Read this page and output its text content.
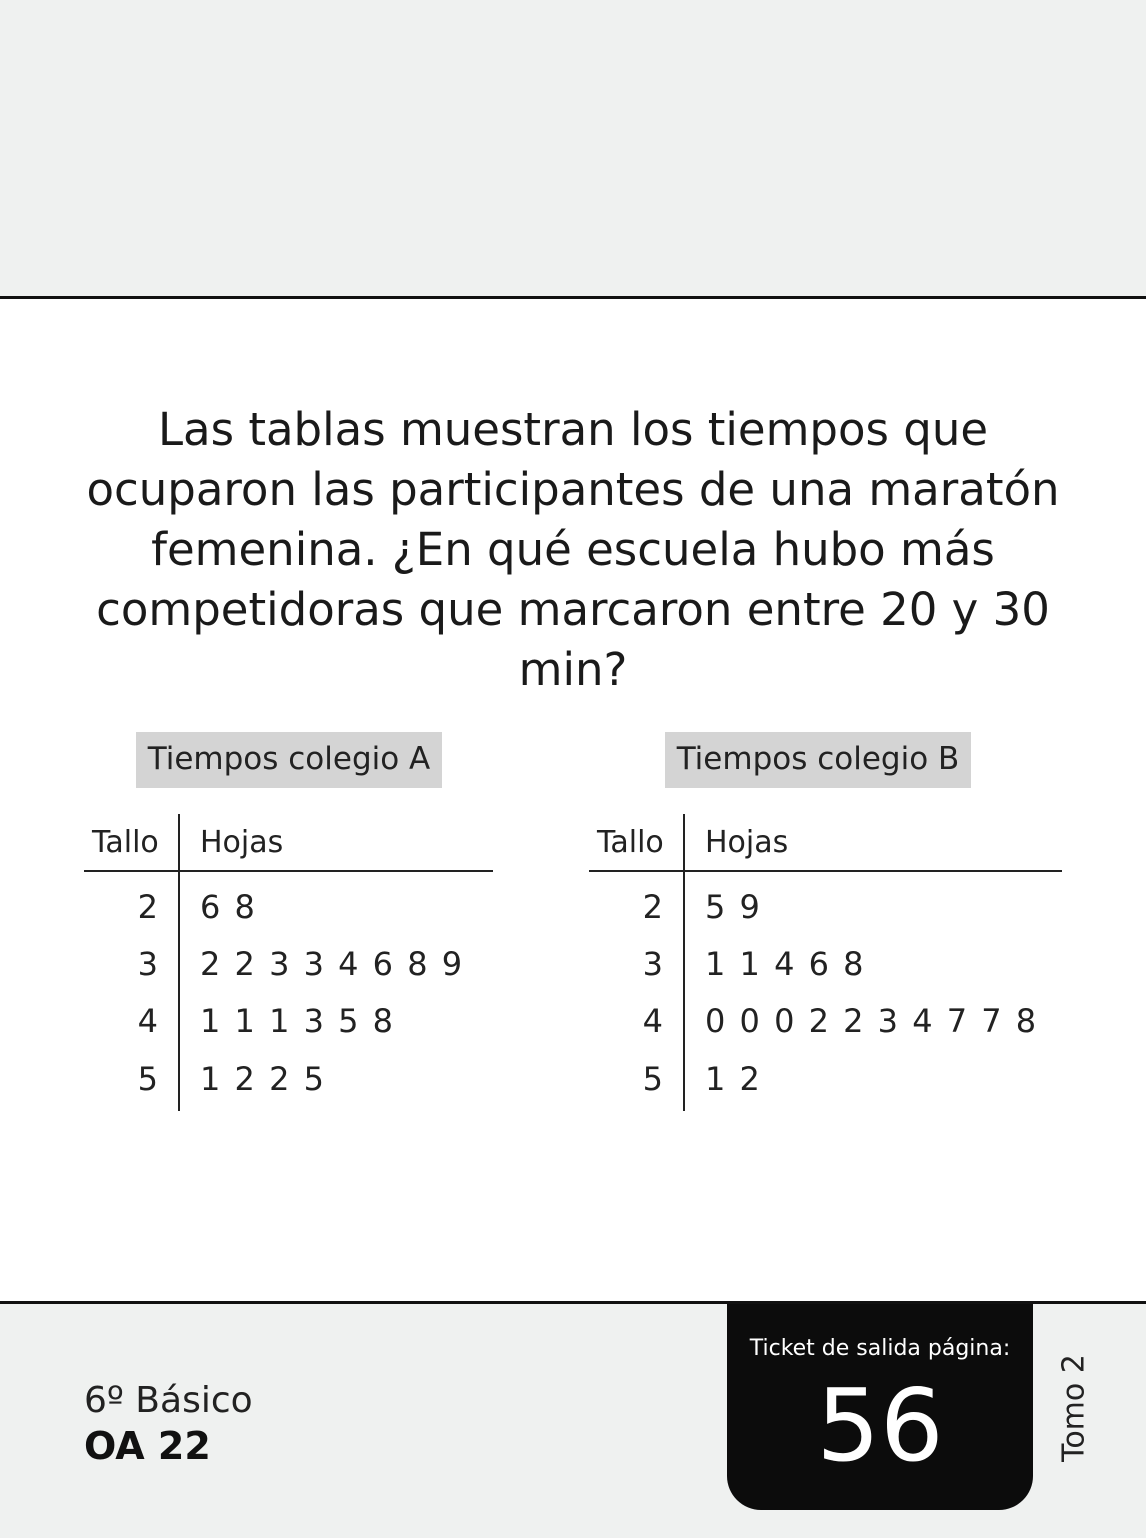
Las tablas muestran los tiempos que ocuparon las participantes de una maratón femenina. ¿En qué escuela hubo más competidoras que marcaron entre 20 y 30 min?
Tiempos colegio A
Tallo Hojas
2 6 8
3 2 2 3 3 4 6 8 9
4 1 1 1 3 5 8
5 1 2 2 5
Tiempos colegio B
Tallo Hojas
2 5 9
3 1 1 4 6 8
4 0 0 0 2 2 3 4 7 7 8
5 1 2
6º Básico
OA 22
Ticket de salida página:
56	Tomo 2
